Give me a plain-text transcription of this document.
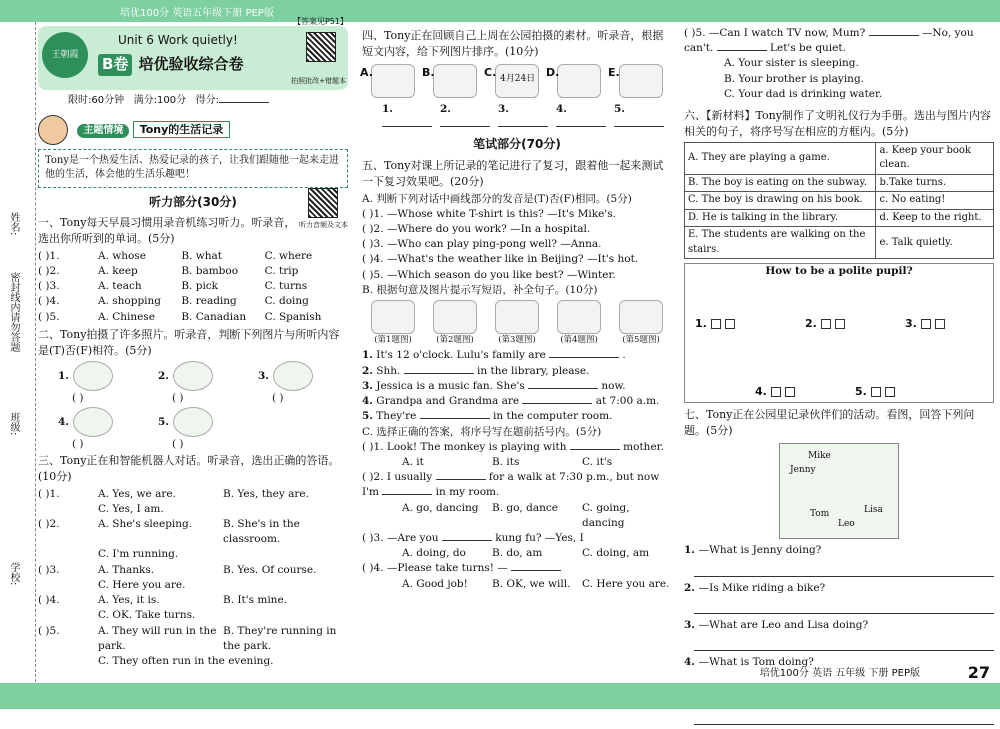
培优100分 英语五年级下册 PEP版
学校:
班级:
密封线内请勿答题
姓名:
王朝霞
Unit 6 Work quietly!
B卷 培优验收综合卷
【答案见P51】
拍照批改+错题本
限时:60分钟 满分:100分 得分:
主题情境 Tony的生活记录
Tony是一个热爱生活、热爱记录的孩子，让我们跟随他一起来走进他的生活，体会他的生活乐趣吧！
听力部分(30分)
听力音频及文本
一、Tony每天早晨习惯用录音机练习听力。听录音，选出你所听到的单词。(5分)
( )1.	A. whose	B. what	C. where
( )2.	A. keep	B. bamboo	C. trip
( )3.	A. teach	B. pick	C. turns
( )4.	A. shopping	B. reading	C. doing
( )5.	A. Chinese	B. Canadian	C. Spanish
二、Tony拍摄了许多照片。听录音，判断下列图片与所听内容是(T)否(F)相符。(5分)
1.
( )
2.
( )
3.
( )
4.
( )
5.
( )
三、Tony正在和智能机器人对话。听录音，选出正确的答语。(10分)
( )1.	A. Yes, we are.	B. Yes, they are.
C. Yes, I am.
( )2.	A. She's sleeping.	B. She's in the classroom.
C. I'm running.
( )3.	A. Thanks.	B. Yes. Of course.
C. Here you are.
( )4.	A. Yes, it is.	B. It's mine.
C. OK. Take turns.
( )5.	A. They will run in the park.
B. They're running in the park.
C. They often run in the evening.
四、Tony正在回顾自己上周在公园拍摄的素材。听录音，根据短文内容，给下列图片排序。(10分)
A.	B.	C. 4月24日 D.	E.
1.	2.	3.	4.	5.
笔试部分(70分)
五、Tony对课上所记录的笔记进行了复习，跟着他一起来测试一下复习效果吧。(20分)
A. 判断下列对话中画线部分的发音是(T)否(F)相同。(5分)
( )1. —Whose white T-shirt is this? —It's Mike's.
( )2. —Where do you work? —In a hospital.
( )3. —Who can play ping-pong well? —Anna.
( )4. —What's the weather like in Beijing? —It's hot.
( )5. —Which season do you like best? —Winter.
B. 根据句意及图片提示写短语，补全句子。(10分)
(第1题图)	(第2题图)	(第3题图)	(第4题图)	(第5题图)
1. It's 12 o'clock. Lulu's family are	.
2. Shh.	in the library, please.
3. Jessica is a music fan. She's	now.
4. Grandpa and Grandma are	at 7:00 a.m.
5. They're	in the computer room.
C. 选择正确的答案，将序号写在题前括号内。(5分)
( )1. Look! The monkey is playing with	mother.
A. it	B. its	C. it's
( )2. I usually	for a walk at 7:30 p.m., but now I'm	in my room.
A. go, dancing	B. go, dance	C. going, dancing
( )3. —Are you	kung fu? —Yes, I
A. doing, do	B. do, am	C. doing, am
( )4. —Please take turns! —
A. Good job!	B. OK, we will.	C. Here you are.
( )5. —Can I watch TV now, Mum?	—No, you can't.	Let's be quiet.
A. Your sister is sleeping.
B. Your brother is playing.
C. Your dad is drinking water.
六、【新材料】Tony制作了文明礼仪行为手册。选出与图片内容相关的句子，将序号写在相应的方框内。(5分)
A. They are playing a game.	a. Keep your book clean.
B. The boy is eating on the subway.	b.Take turns.
C. The boy is drawing on his book.	c. No eating!
D. He is talking in the library.	d. Keep to the right.
E. The students are walking on the stairs.	e. Talk quietly.
How to be a polite pupil?
1.	2.	3.
4.	5.
七、Tony正在公园里记录伙伴们的活动。看图，回答下列问题。(5分)
Mike
Jenny
Tom
Leo
Lisa
1. —What is Jenny doing?
2. —Is Mike riding a bike?
3. —What are Leo and Lisa doing?
4. —What is Tom doing?
培优100分 英语 五年级 下册 PEP版	27
